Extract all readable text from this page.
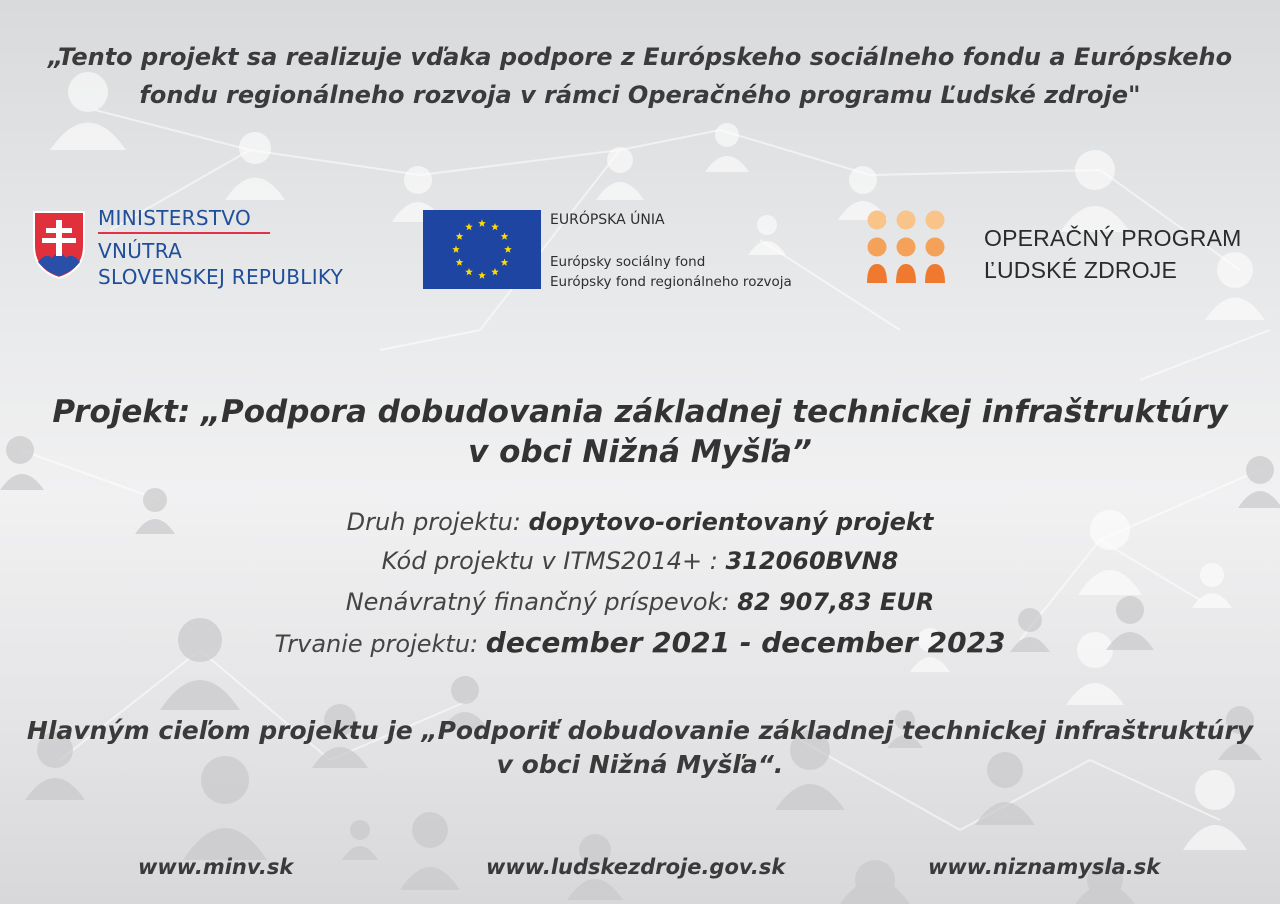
„Tento projekt sa realizuje vďaka podpore z Európskeho sociálneho fondu a Európskeho
fondu regionálneho rozvoja v rámci Operačného programu Ľudské zdroje"
MINISTERSTVO
VNÚTRA
SLOVENSKEJ REPUBLIKY
EURÓPSKA ÚNIA
Európsky sociálny fond
Európsky fond regionálneho rozvoja
OPERAČNÝ PROGRAM
ĽUDSKÉ ZDROJE
Projekt: „Podpora dobudovania základnej technickej infraštruktúry
v obci Nižná Myšľa”
Druh projektu: dopytovo-orientovaný projekt
Kód projektu v ITMS2014+ : 312060BVN8
Nenávratný finančný príspevok: 82 907,83 EUR
Trvanie projektu: december 2021 - december 2023
Hlavným cieľom projektu je „Podporiť dobudovanie základnej technickej infraštruktúry
v obci Nižná Myšľa“.
www.minv.sk	www.ludskezdroje.gov.sk	www.niznamysla.sk
